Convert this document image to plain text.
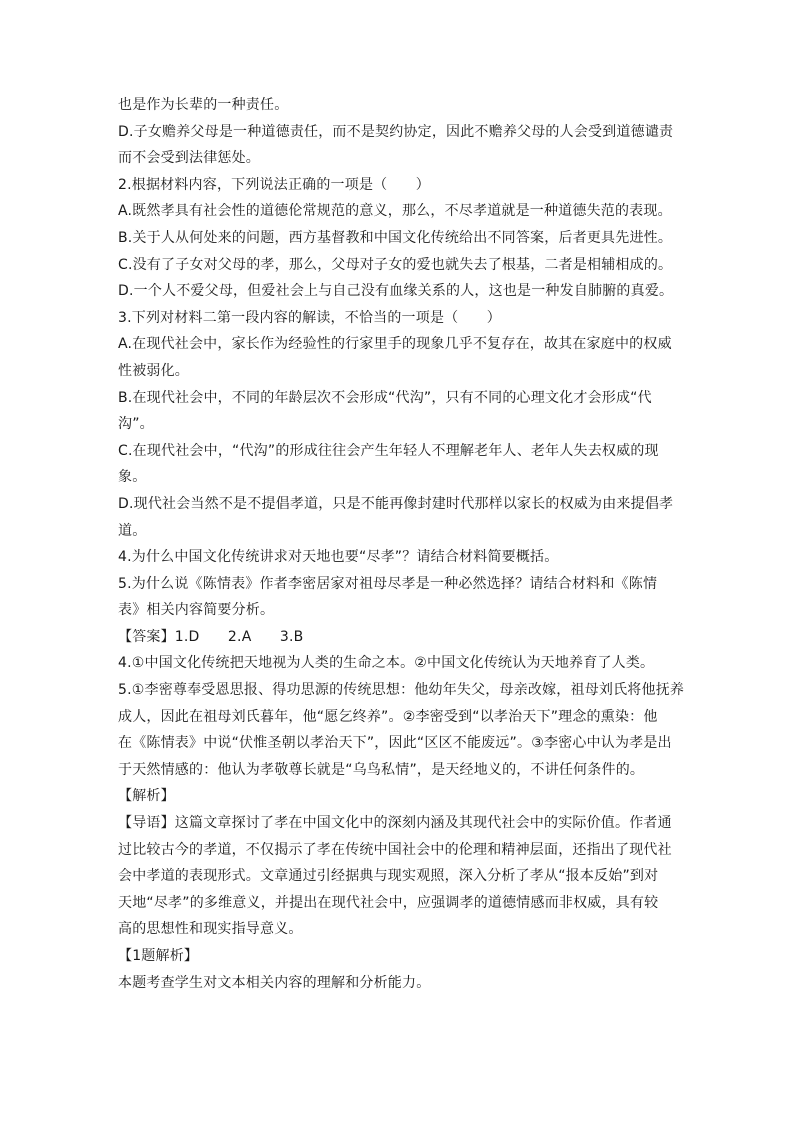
也是作为长辈的一种责任。
D.子女赡养父母是一种道德责任，而不是契约协定，因此不赡养父母的人会受到道德谴责
而不会受到法律惩处。
2.根据材料内容，下列说法正确的一项是（　　）
A.既然孝具有社会性的道德伦常规范的意义，那么，不尽孝道就是一种道德失范的表现。
B.关于人从何处来的问题，西方基督教和中国文化传统给出不同答案，后者更具先进性。
C.没有了子女对父母的孝，那么，父母对子女的爱也就失去了根基，二者是相辅相成的。
D.一个人不爱父母，但爱社会上与自己没有血缘关系的人，这也是一种发自肺腑的真爱。
3.下列对材料二第一段内容的解读，不恰当的一项是（　　）
A.在现代社会中，家长作为经验性的行家里手的现象几乎不复存在，故其在家庭中的权威
性被弱化。
B.在现代社会中，不同的年龄层次不会形成“代沟”，只有不同的心理文化才会形成“代
沟”。
C.在现代社会中，“代沟”的形成往往会产生年轻人不理解老年人、老年人失去权威的现
象。
D.现代社会当然不是不提倡孝道，只是不能再像封建时代那样以家长的权威为由来提倡孝
道。
4.为什么中国文化传统讲求对天地也要“尽孝”？请结合材料简要概括。
5.为什么说《陈情表》作者李密居家对祖母尽孝是一种必然选择？请结合材料和《陈情
表》相关内容简要分析。
【答案】1.D　　2.A　　3.B
4.①中国文化传统把天地视为人类的生命之本。②中国文化传统认为天地养育了人类。
5.①李密尊奉受恩思报、得功思源的传统思想：他幼年失父，母亲改嫁，祖母刘氏将他抚养
成人，因此在祖母刘氏暮年，他“愿乞终养”。②李密受到“以孝治天下”理念的熏染：他
在《陈情表》中说“伏惟圣朝以孝治天下”，因此“区区不能废远”。③李密心中认为孝是出
于天然情感的：他认为孝敬尊长就是“乌鸟私情”，是天经地义的，不讲任何条件的。
【解析】
【导语】这篇文章探讨了孝在中国文化中的深刻内涵及其现代社会中的实际价值。作者通
过比较古今的孝道，不仅揭示了孝在传统中国社会中的伦理和精神层面，还指出了现代社
会中孝道的表现形式。文章通过引经据典与现实观照，深入分析了孝从“报本反始”到对
天地“尽孝”的多维意义，并提出在现代社会中，应强调孝的道德情感而非权威，具有较
高的思想性和现实指导意义。
【1题解析】
本题考查学生对文本相关内容的理解和分析能力。
